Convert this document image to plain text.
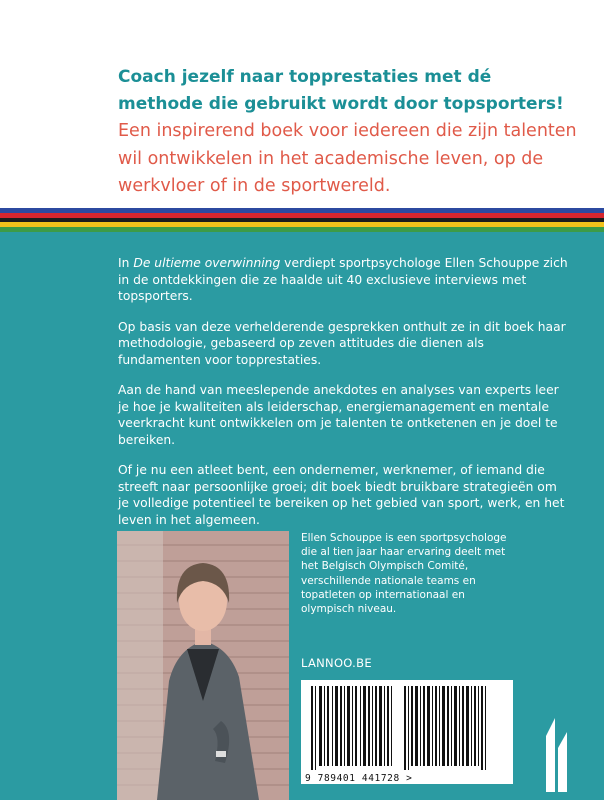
Coach jezelf naar topprestaties met dé methode die gebruikt wordt door topsporters!
Een inspirerend boek voor iedereen die zijn talenten wil ontwikkelen in het academische leven, op de werkvloer of in de sportwereld.

In De ultieme overwinning verdiept sportpsychologe Ellen Schouppe zich in de ontdekkingen die ze haalde uit 40 exclusieve interviews met topsporters.

Op basis van deze verhelderende gesprekken onthult ze in dit boek haar methodologie, gebaseerd op zeven attitudes die dienen als fundamenten voor topprestaties.

Aan de hand van meeslepende anekdotes en analyses van experts leer je hoe je kwaliteiten als leiderschap, energiemanagement en mentale veerkracht kunt ontwikkelen om je talenten te ontketenen en je doel te bereiken.

Of je nu een atleet bent, een ondernemer, werknemer, of iemand die streeft naar persoonlijke groei; dit boek biedt bruikbare strategieën om je volledige potentieel te bereiken op het gebied van sport, werk, en het leven in het algemeen.

Ellen Schouppe is een sportpsychologe die al tien jaar haar ervaring deelt met het Belgisch Olympisch Comité, verschillende nationale teams en topatleten op internationaal en olympisch niveau.
LANNOO.BE
9 789401 441728 >
